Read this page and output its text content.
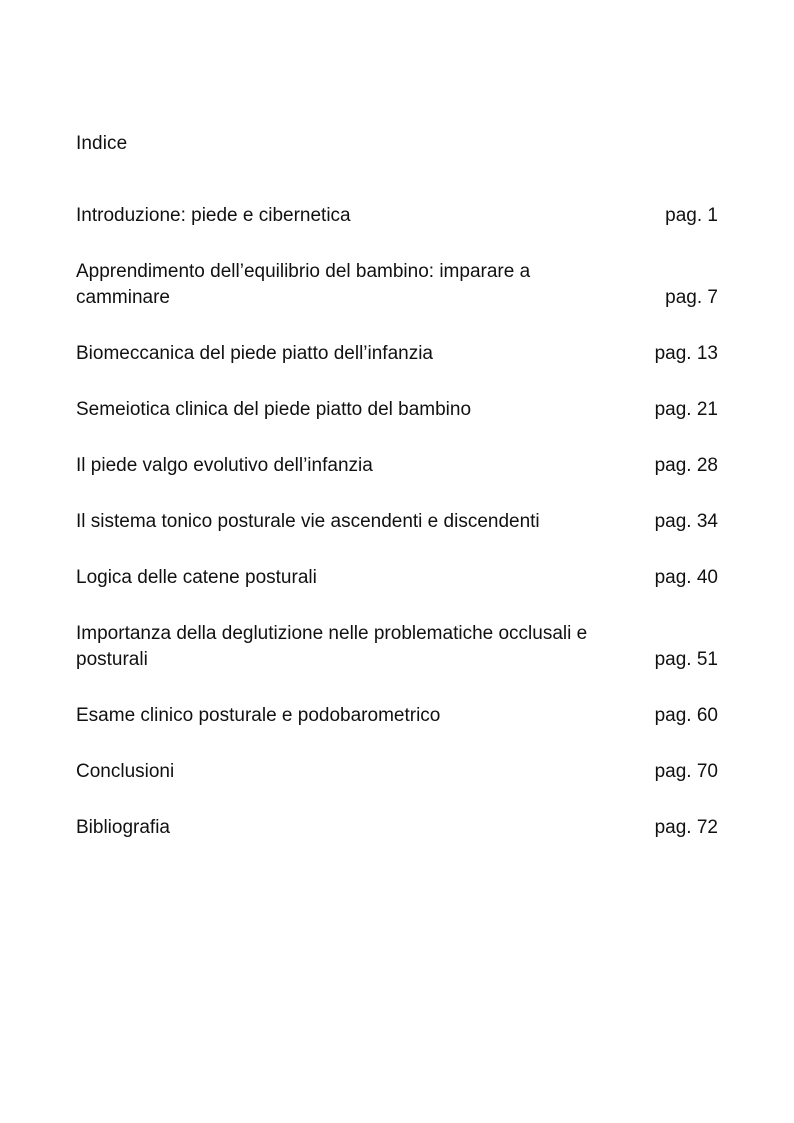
Indice
Introduzione: piede e cibernetica	pag. 1
Apprendimento dell’equilibrio del bambino: imparare a camminare	pag. 7
Biomeccanica del piede piatto dell’infanzia	pag. 13
Semeiotica clinica del piede piatto del bambino	pag. 21
Il piede valgo evolutivo dell’infanzia	pag. 28
Il sistema tonico posturale vie ascendenti e discendenti	pag. 34
Logica delle catene posturali	pag. 40
Importanza della deglutizione nelle problematiche occlusali e posturali	pag. 51
Esame clinico posturale e podobarometrico	pag. 60
Conclusioni	pag. 70
Bibliografia	pag. 72
